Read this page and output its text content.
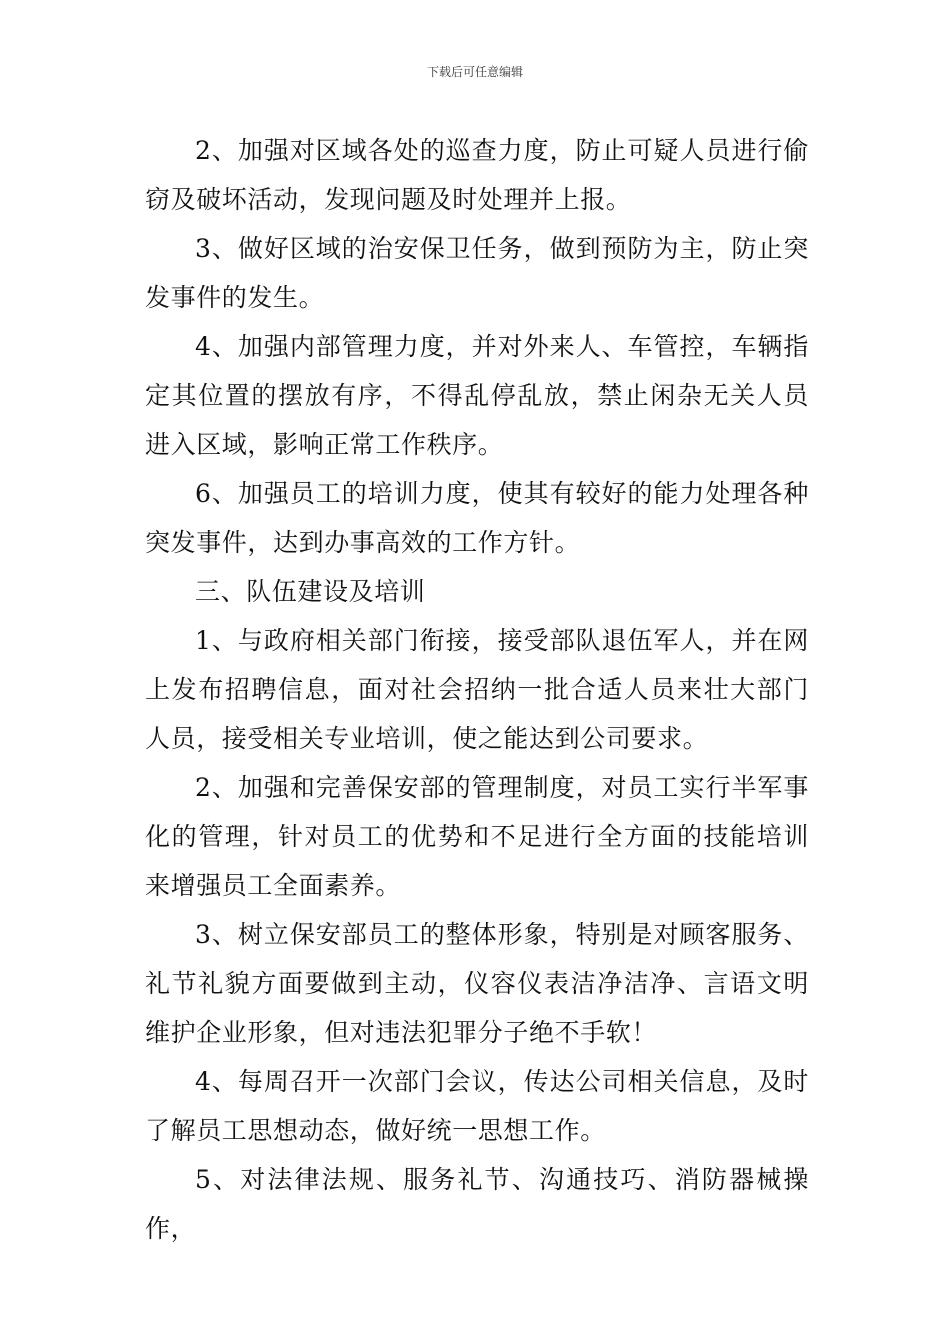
下载后可任意编辑

2、加强对区域各处的巡查力度，防止可疑人员进行偷窃及破坏活动，发现问题及时处理并上报。

3、做好区域的治安保卫任务，做到预防为主，防止突发事件的发生。

4、加强内部管理力度，并对外来人、车管控，车辆指定其位置的摆放有序，不得乱停乱放，禁止闲杂无关人员进入区域，影响正常工作秩序。

6、加强员工的培训力度，使其有较好的能力处理各种突发事件，达到办事高效的工作方针。

三、队伍建设及培训

1、与政府相关部门衔接，接受部队退伍军人，并在网上发布招聘信息，面对社会招纳一批合适人员来壮大部门人员，接受相关专业培训，使之能达到公司要求。

2、加强和完善保安部的管理制度，对员工实行半军事化的管理，针对员工的优势和不足进行全方面的技能培训来增强员工全面素养。

3、树立保安部员工的整体形象，特别是对顾客服务、礼节礼貌方面要做到主动，仪容仪表洁净洁净、言语文明维护企业形象，但对违法犯罪分子绝不手软！

4、每周召开一次部门会议，传达公司相关信息，及时了解员工思想动态，做好统一思想工作。

5、对法律法规、服务礼节、沟通技巧、消防器械操作，
